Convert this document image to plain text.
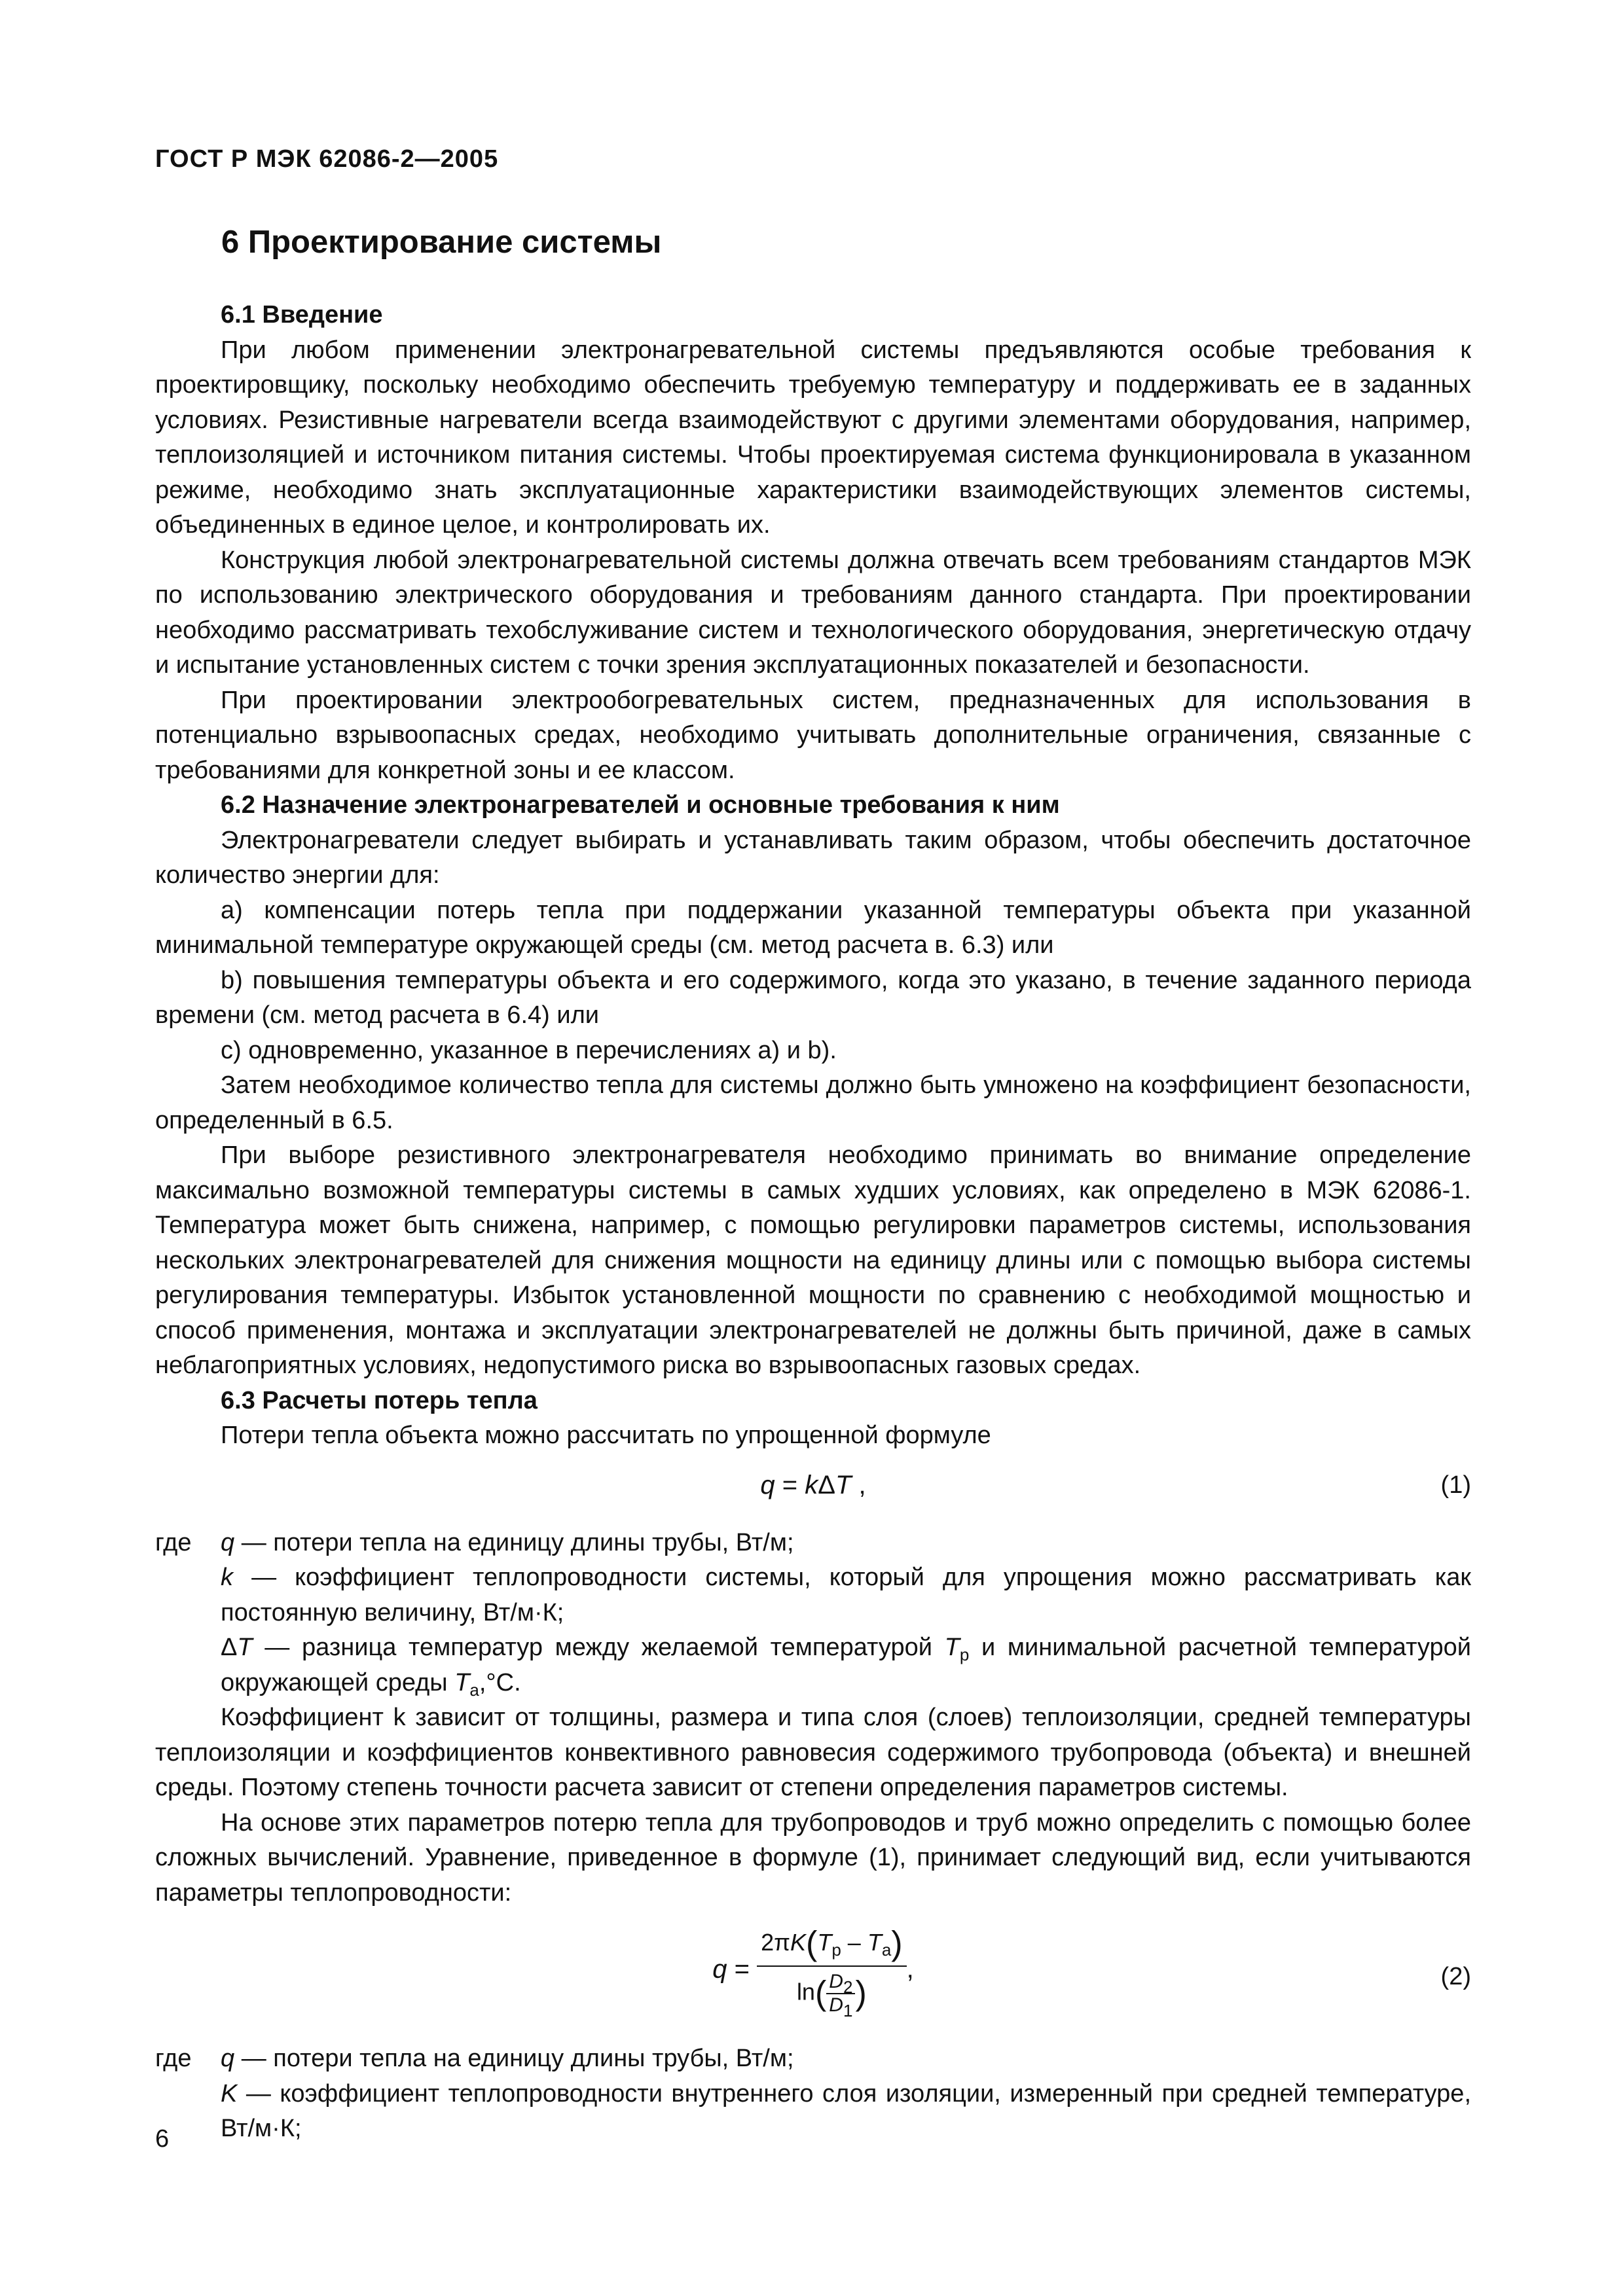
ГОСТ Р МЭК 62086-2—2005
6 Проектирование системы

6.1 Введение

При любом применении электронагревательной системы предъявляются особые требования к проектировщику, поскольку необходимо обеспечить требуемую температуру и поддерживать ее в заданных условиях. Резистивные нагреватели всегда взаимодействуют с другими элементами оборудования, например, теплоизоляцией и источником питания системы. Чтобы проектируемая система функционировала в указанном режиме, необходимо знать эксплуатационные характеристики взаимодействующих элементов системы, объединенных в единое целое, и контролировать их.

Конструкция любой электронагревательной системы должна отвечать всем требованиям стандартов МЭК по использованию электрического оборудования и требованиям данного стандарта. При проектировании необходимо рассматривать техобслуживание систем и технологического оборудования, энергетическую отдачу и испытание установленных систем с точки зрения эксплуатационных показателей и безопасности.

При проектировании электрообогревательных систем, предназначенных для использования в потенциально взрывоопасных средах, необходимо учитывать дополнительные ограничения, связанные с требованиями для конкретной зоны и ее классом.

6.2 Назначение электронагревателей и основные требования к ним

Электронагреватели следует выбирать и устанавливать таким образом, чтобы обеспечить достаточное количество энергии для:

a) компенсации потерь тепла при поддержании указанной температуры объекта при указанной минимальной температуре окружающей среды (см. метод расчета в. 6.3) или

b) повышения температуры объекта и его содержимого, когда это указано, в течение заданного периода времени (см. метод расчета в 6.4) или

c) одновременно, указанное в перечислениях а) и b).

Затем необходимое количество тепла для системы должно быть умножено на коэффициент безопасности, определенный в 6.5.

При выборе резистивного электронагревателя необходимо принимать во внимание определение максимально возможной температуры системы в самых худших условиях, как определено в МЭК 62086-1. Температура может быть снижена, например, с помощью регулировки параметров системы, использования нескольких электронагревателей для снижения мощности на единицу длины или с помощью выбора системы регулирования температуры. Избыток установленной мощности по сравнению с необходимой мощностью и способ применения, монтажа и эксплуатации электронагревателей не должны быть причиной, даже в самых неблагоприятных условиях, недопустимого риска во взрывоопасных газовых средах.

6.3 Расчеты потерь тепла

Потери тепла объекта можно рассчитать по упрощенной формуле

q = kΔT ,	(1)

где q — потери тепла на единицу длины трубы, Вт/м;

k — коэффициент теплопроводности системы, который для упрощения можно рассматривать как постоянную величину, Вт/м·К;

ΔT — разница температур между желаемой температурой $T_р$ и минимальной расчетной температурой окружающей среды $T_а,^\circ С$.

Коэффициент k зависит от толщины, размера и типа слоя (слоев) теплоизоляции, средней температуры теплоизоляции и коэффициентов конвективного равновесия содержимого трубопровода (объекта) и внешней среды. Поэтому степень точности расчета зависит от степени определения параметров системы.

На основе этих параметров потерю тепла для трубопроводов и труб можно определить с помощью более сложных вычислений. Уравнение, приведенное в формуле (1), принимает следующий вид, если учитываются параметры теплопроводности:

$q = \frac{2\pi K(T_р - T_а)}{\ln( \frac{D_2}{D_1} )}$ ,	(2)

где q — потери тепла на единицу длины трубы, Вт/м;

K — коэффициент теплопроводности внутреннего слоя изоляции, измеренный при средней температуре, Вт/м·К;

6
